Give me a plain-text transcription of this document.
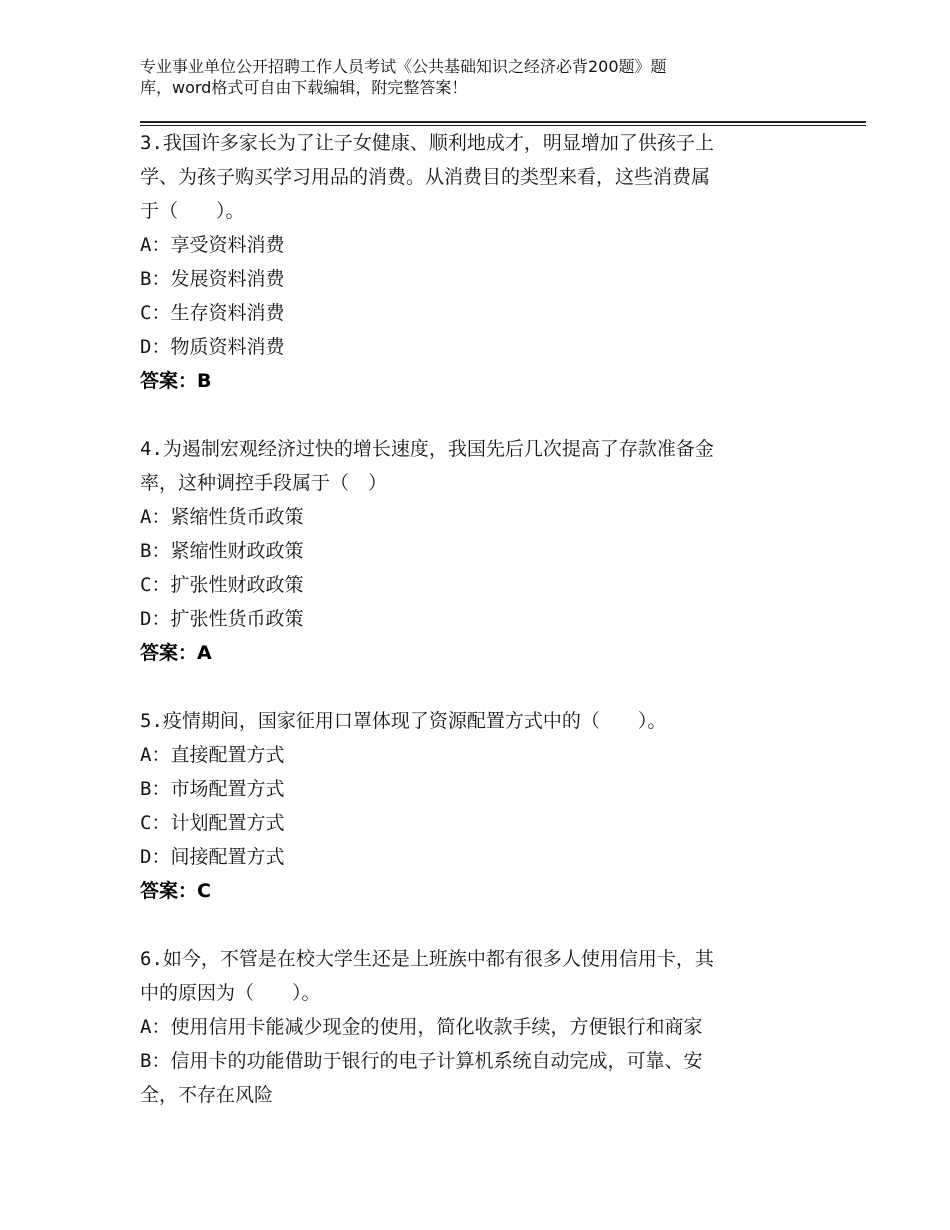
专业事业单位公开招聘工作人员考试《公共基础知识之经济必背200题》题
库，word格式可自由下载编辑，附完整答案！
3.我国许多家长为了让子女健康、顺利地成才，明显增加了供孩子上
学、为孩子购买学习用品的消费。从消费目的类型来看，这些消费属
于（　　）。
A：享受资料消费
B：发展资料消费
C：生存资料消费
D：物质资料消费
答案：B
4.为遏制宏观经济过快的增长速度，我国先后几次提高了存款准备金
率，这种调控手段属于（　）
A：紧缩性货币政策
B：紧缩性财政政策
C：扩张性财政政策
D：扩张性货币政策
答案：A
5.疫情期间，国家征用口罩体现了资源配置方式中的（　　）。
A：直接配置方式
B：市场配置方式
C：计划配置方式
D：间接配置方式
答案：C
6.如今，不管是在校大学生还是上班族中都有很多人使用信用卡，其
中的原因为（　　）。
A：使用信用卡能减少现金的使用，简化收款手续，方便银行和商家
B：信用卡的功能借助于银行的电子计算机系统自动完成，可靠、安
全，不存在风险
